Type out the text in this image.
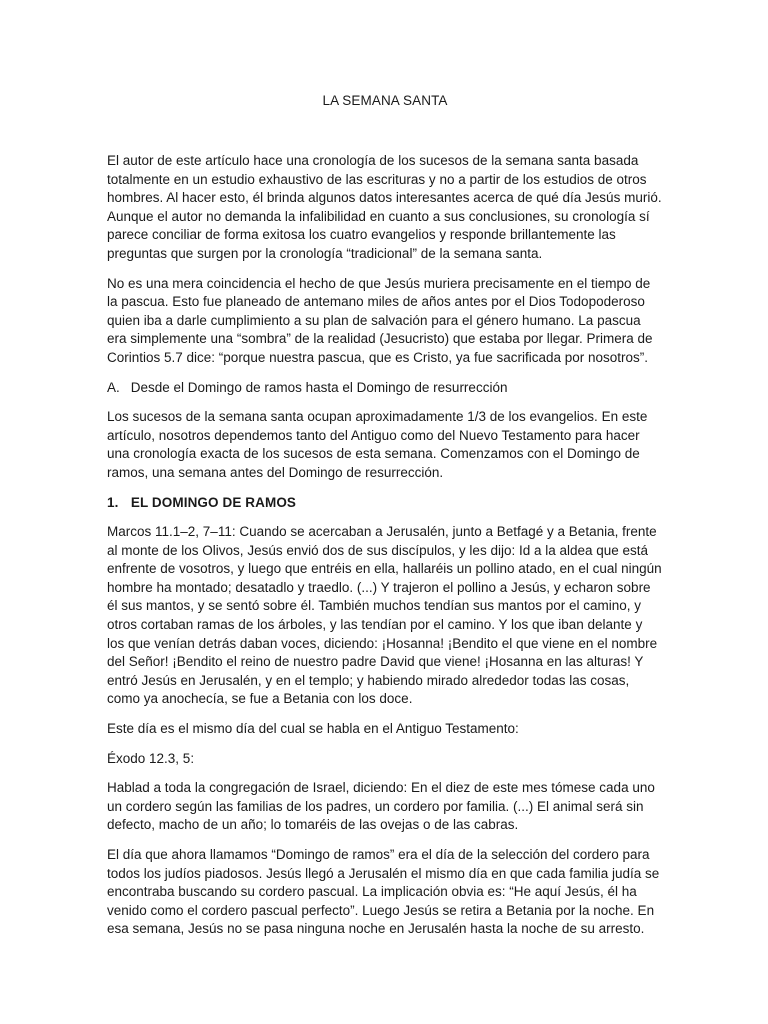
LA SEMANA SANTA

El autor de este artículo hace una cronología de los sucesos de la semana santa basada totalmente en un estudio exhaustivo de las escrituras y no a partir de los estudios de otros hombres. Al hacer esto, él brinda algunos datos interesantes acerca de qué día Jesús murió. Aunque el autor no demanda la infalibilidad en cuanto a sus conclusiones, su cronología sí parece conciliar de forma exitosa los cuatro evangelios y responde brillantemente las preguntas que surgen por la cronología “tradicional” de la semana santa.

No es una mera coincidencia el hecho de que Jesús muriera precisamente en el tiempo de la pascua. Esto fue planeado de antemano miles de años antes por el Dios Todopoderoso quien iba a darle cumplimiento a su plan de salvación para el género humano. La pascua era simplemente una “sombra” de la realidad (Jesucristo) que estaba por llegar. Primera de Corintios 5.7 dice: “porque nuestra pascua, que es Cristo, ya fue sacrificada por nosotros”.

A. Desde el Domingo de ramos hasta el Domingo de resurrección

Los sucesos de la semana santa ocupan aproximadamente 1/3 de los evangelios. En este artículo, nosotros dependemos tanto del Antiguo como del Nuevo Testamento para hacer una cronología exacta de los sucesos de esta semana. Comenzamos con el Domingo de ramos, una semana antes del Domingo de resurrección.

1. EL DOMINGO DE RAMOS

Marcos 11.1–2, 7–11: Cuando se acercaban a Jerusalén, junto a Betfagé y a Betania, frente al monte de los Olivos, Jesús envió dos de sus discípulos, y les dijo: Id a la aldea que está enfrente de vosotros, y luego que entréis en ella, hallaréis un pollino atado, en el cual ningún hombre ha montado; desatadlo y traedlo. (...) Y trajeron el pollino a Jesús, y echaron sobre él sus mantos, y se sentó sobre él. También muchos tendían sus mantos por el camino, y otros cortaban ramas de los árboles, y las tendían por el camino. Y los que iban delante y los que venían detrás daban voces, diciendo: ¡Hosanna! ¡Bendito el que viene en el nombre del Señor! ¡Bendito el reino de nuestro padre David que viene! ¡Hosanna en las alturas! Y entró Jesús en Jerusalén, y en el templo; y habiendo mirado alrededor todas las cosas, como ya anochecía, se fue a Betania con los doce.

Este día es el mismo día del cual se habla en el Antiguo Testamento:

Éxodo 12.3, 5:

Hablad a toda la congregación de Israel, diciendo: En el diez de este mes tómese cada uno un cordero según las familias de los padres, un cordero por familia. (...) El animal será sin defecto, macho de un año; lo tomaréis de las ovejas o de las cabras.

El día que ahora llamamos “Domingo de ramos” era el día de la selección del cordero para todos los judíos piadosos. Jesús llegó a Jerusalén el mismo día en que cada familia judía se encontraba buscando su cordero pascual. La implicación obvia es: “He aquí Jesús, él ha venido como el cordero pascual perfecto”. Luego Jesús se retira a Betania por la noche. En esa semana, Jesús no se pasa ninguna noche en Jerusalén hasta la noche de su arresto.
